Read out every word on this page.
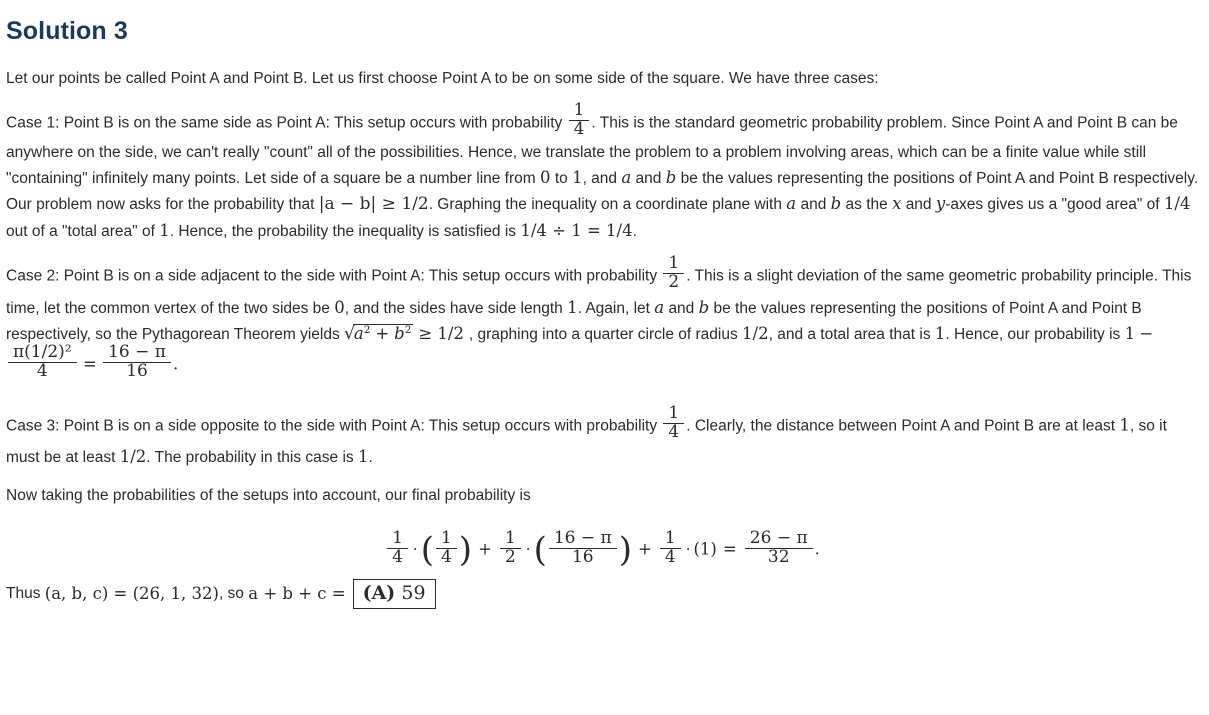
Solution 3

Let our points be called Point A and Point B. Let us first choose Point A to be on some side of the square. We have three cases:

Case 1: Point B is on the same side as Point A: This setup occurs with probability $\frac{1}{4}$ . This is the standard geometric probability problem. Since Point A and Point B can be anywhere on the side, we can't really "count" all of the possibilities. Hence, we translate the problem to a problem involving areas, which can be a finite value while still "containing" infinitely many points. Let side of a square be a number line from 0 to 1, and a and b be the values representing the positions of Point A and Point B respectively. Our problem now asks for the probability that |a − b| ≥ 1/2. Graphing the inequality on a coordinate plane with a and b as the x and y-axes gives us a "good area" of 1/4 out of a "total area" of 1. Hence, the probability the inequality is satisfied is 1/4 ÷ 1 = 1/4.

Case 2: Point B is on a side adjacent to the side with Point A: This setup occurs with probability $\frac{1}{2}$ . This is a slight deviation of the same geometric probability principle. This time, let the common vertex of the two sides be 0, and the sides have side length 1. Again, let a and b be the values representing the positions of Point A and Point B respectively, so the Pythagorean Theorem yields $√a^2 + b^2 \ge 1/2$ , graphing into a quarter circle of radius 1/2, and a total area that is 1. Hence, our probability is 1 −
$\frac{\text{π(1/2)²}}{4} = \frac{16 - \pi}{16}$ .

Case 3: Point B is on a side opposite to the side with Point A: This setup occurs with probability $\frac{1}{4}$ . Clearly, the distance between Point A and Point B are at least 1, so it must be at least 1/2. The probability in this case is 1.

Now taking the probabilities of the setups into account, our final probability is

$\frac{1}{4}$ ·( $\frac{1}{4}$ ) + $\frac{1}{2}$ ·( $\frac{16 - \pi}{16}$ ) + $\frac{1}{4} \cdot (1) = \frac{26 - \pi}{32}$ .
Thus
(a, b, c) = (26, 1, 32) , so
a + b + c = (A) 59
